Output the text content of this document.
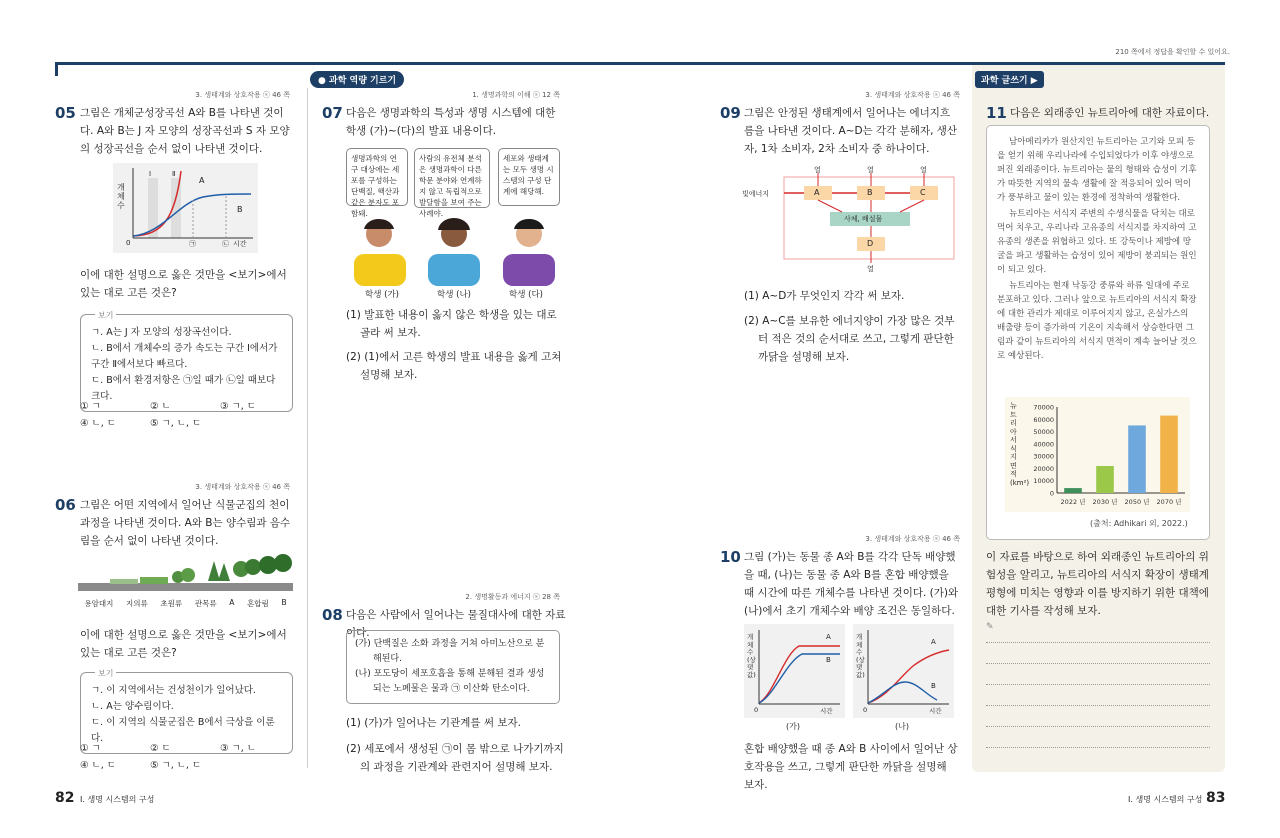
210 쪽에서 정답을 확인할 수 있어요.
● 과학 역량 기르기	과학 글쓰기 ▶
3. 생태계와 상호작용 ⓢ 46 쪽
05 그림은 개체군성장곡선 A와 B를 나타낸 것이다. A와 B는 J 자 모양의 성장곡선과 S 자 모양의 성장곡선을 순서 없이 나타낸 것이다.
개체수
Ⅰ	Ⅱ
A
B
0	㉠	㉡ 시간
이에 대한 설명으로 옳은 것만을 <보기>에서 있는 대로 고른 것은?
보기
ㄱ. A는 J 자 모양의 성장곡선이다.
ㄴ. B에서 개체수의 증가 속도는 구간 Ⅰ에서가 구간 Ⅱ에서보다 빠르다.
ㄷ. B에서 환경저항은 ㉠일 때가 ㉡일 때보다 크다.
① ㄱ	② ㄴ	③ ㄱ, ㄷ
④ ㄴ, ㄷ	⑤ ㄱ, ㄴ, ㄷ
3. 생태계와 상호작용 ⓢ 46 쪽
06 그림은 어떤 지역에서 일어난 식물군집의 천이 과정을 나타낸 것이다. A와 B는 양수림과 음수림을 순서 없이 나타낸 것이다.
용암대지 지의류 초원류 관목류 A 혼합림 B
이에 대한 설명으로 옳은 것만을 <보기>에서 있는 대로 고른 것은?
보기
ㄱ. 이 지역에서는 건성천이가 일어났다.
ㄴ. A는 양수림이다.
ㄷ. 이 지역의 식물군집은 B에서 극상을 이룬다.
① ㄱ	② ㄷ	③ ㄱ, ㄴ
④ ㄴ, ㄷ	⑤ ㄱ, ㄴ, ㄷ
1. 생명과학의 이해 ⓢ 12 쪽
07 다음은 생명과학의 특성과 생명 시스템에 대한 학생 (가)~(다)의 발표 내용이다.
생명과학의 연구 대상에는 세포를 구성하는 단백질, 핵산과 같은 분자도 포함돼.
사람의 유전체 분석은 생명과학이 다른 학문 분야와 연계하지 않고 독립적으로 발달함을 보여 주는 사례야.
세포와 생태계는 모두 생명 시스템의 구성 단계에 해당해.
학생 (가)	학생 (나)	학생 (다)
(1) 발표한 내용이 옳지 않은 학생을 있는 대로 골라 써 보자.
(2) (1)에서 고른 학생의 발표 내용을 옳게 고쳐 설명해 보자.
2. 생명활동과 에너지 ⓢ 28 쪽
08 다음은 사람에서 일어나는 물질대사에 대한 자료이다.
(가) 단백질은 소화 과정을 거쳐 아미노산으로 분해된다.
(나) 포도당이 세포호흡을 통해 분해된 결과 생성되는 노폐물은 물과 ㉠ 이산화 탄소이다.
(1) (가)가 일어나는 기관계를 써 보자.
(2) 세포에서 생성된 ㉠이 몸 밖으로 나가기까지의 과정을 기관계와 관련지어 설명해 보자.
3. 생태계와 상호작용 ⓢ 46 쪽
09 그림은 안정된 생태계에서 일어나는 에너지흐름을 나타낸 것이다. A~D는 각각 분해자, 생산자, 1차 소비자, 2차 소비자 중 하나이다.
빛에너지	A	B	C
사체, 배설물
D
열	열	열
열
(1) A~D가 무엇인지 각각 써 보자.
(2) A~C를 보유한 에너지양이 가장 많은 것부터 적은 것의 순서대로 쓰고, 그렇게 판단한 까닭을 설명해 보자.
3. 생태계와 상호작용 ⓢ 46 쪽
10 그림 (가)는 동물 종 A와 B를 각각 단독 배양했을 때, (나)는 동물 종 A와 B를 혼합 배양했을 때 시간에 따른 개체수를 나타낸 것이다. (가)와 (나)에서 초기 개체수와 배양 조건은 동일하다.
개체수(상댓값)
A
B
0	시간
개체수(상댓값)
A
B
0	시간
(가)	(나)
혼합 배양했을 때 종 A와 B 사이에서 일어난 상호작용을 쓰고, 그렇게 판단한 까닭을 설명해 보자.
11 다음은 외래종인 뉴트리아에 대한 자료이다.

남아메리카가 원산지인 뉴트리아는 고기와 모피 등을 얻기 위해 우리나라에 수입되었다가 이후 야생으로 퍼진 외래종이다. 뉴트리아는 뭍의 형태와 습성이 기후가 따뜻한 지역의 물속 생활에 잘 적응되어 있어 먹이가 풍부하고 물이 있는 환경에 정착하여 생활한다.

뉴트리아는 서식지 주변의 수생식물을 닥치는 대로 먹어 치우고, 우리나라 고유종의 서식지를 차지하여 고유종의 생존을 위협하고 있다. 또 강둑이나 제방에 땅굴을 파고 생활하는 습성이 있어 제방이 붕괴되는 원인이 되고 있다.

뉴트리아는 현재 낙동강 중류와 하류 일대에 주로 분포하고 있다. 그러나 앞으로 뉴트리아의 서식지 확장에 대한 관리가 제대로 이루어지지 않고, 온실가스의 배출량 등이 증가하여 기온이 지속해서 상승한다면 그림과 같이 뉴트리아의 서식지 면적이 계속 늘어날 것으로 예상된다.

0
10000
20000
30000
40000
50000
60000
70000
2022 년 2030 년 2050 년 2070 년
뉴트리아 서식지 면적(km²)
(출처: Adhikari 외, 2022.)
이 자료를 바탕으로 하여 외래종인 뉴트리아의 위험성을 알리고, 뉴트리아의 서식지 확장이 생태계평형에 미치는 영향과 이를 방지하기 위한 대책에 대한 기사를 작성해 보자.
✎
82 Ⅰ. 생명 시스템의 구성	Ⅰ. 생명 시스템의 구성 83
